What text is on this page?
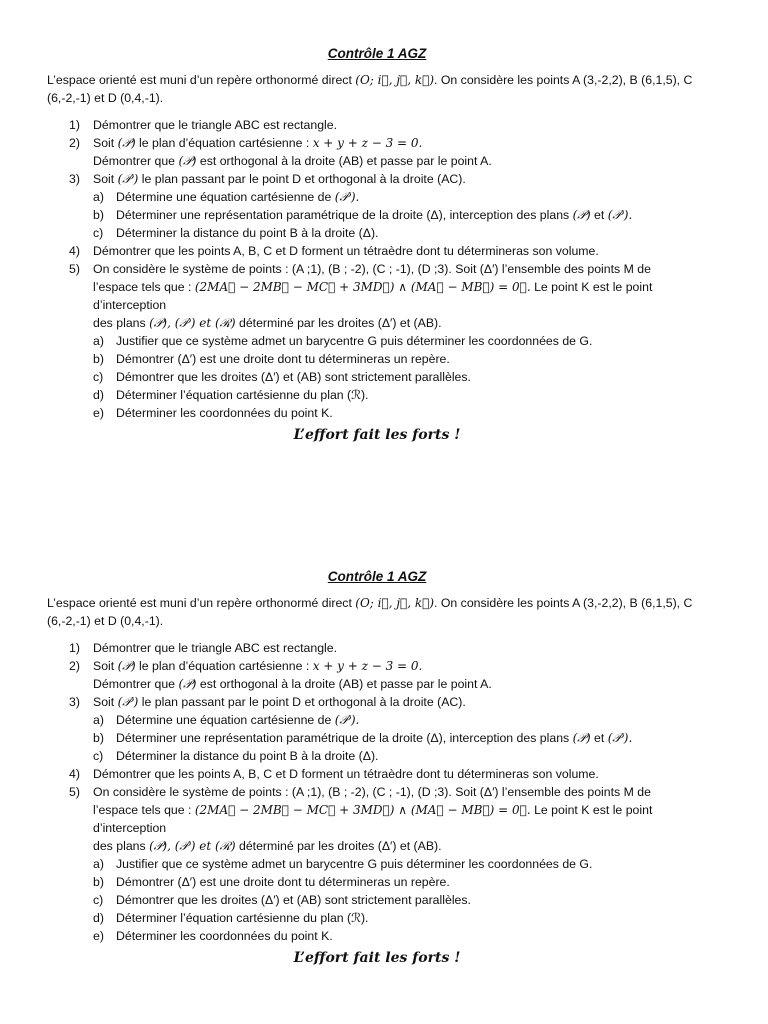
Contrôle 1 AGZ
L’espace orienté est muni d’un repère orthonormé direct (O; i⃗, j⃗, k⃗). On considère les points A (3,-2,2), B (6,1,5), C (6,-2,-1) et D (0,4,-1).
1) Démontrer que le triangle ABC est rectangle.
2) Soit (𝒫) le plan d’équation cartésienne : x + y + z − 3 = 0.
Démontrer que (𝒫) est orthogonal à la droite (AB) et passe par le point A.
3) Soit (𝒫′) le plan passant par le point D et orthogonal à la droite (AC).
a) Détermine une équation cartésienne de (𝒫′).
b) Déterminer une représentation paramétrique de la droite (Δ), interception des plans (𝒫) et (𝒫′).
c) Déterminer la distance du point B à la droite (Δ).
4) Démontrer que les points A, B, C et D forment un tétraèdre dont tu détermineras son volume.
5) On considère le système de points : (A ;1), (B ; -2), (C ; -1), (D ;3). Soit (Δ′) l’ensemble des points M de
l’espace tels que : (2MA⃗ − 2MB⃗ − MC⃗ + 3MD⃗) ∧ (MA⃗ − MB⃗) = 0⃗. Le point K est le point d’interception
des plans (𝒫), (𝒫′) et (ℛ) déterminé par les droites (Δ′) et (AB).
a) Justifier que ce système admet un barycentre G puis déterminer les coordonnées de G.
b) Démontrer (Δ′) est une droite dont tu détermineras un repère.
c) Démontrer que les droites (Δ′) et (AB) sont strictement parallèles.
d) Déterminer l’équation cartésienne du plan (ℛ).
e) Déterminer les coordonnées du point K.
L’effort fait les forts !
Contrôle 1 AGZ
L’espace orienté est muni d’un repère orthonormé direct (O; i⃗, j⃗, k⃗). On considère les points A (3,-2,2), B (6,1,5), C (6,-2,-1) et D (0,4,-1).
1) Démontrer que le triangle ABC est rectangle.
2) Soit (𝒫) le plan d’équation cartésienne : x + y + z − 3 = 0.
Démontrer que (𝒫) est orthogonal à la droite (AB) et passe par le point A.
3) Soit (𝒫′) le plan passant par le point D et orthogonal à la droite (AC).
a) Détermine une équation cartésienne de (𝒫′).
b) Déterminer une représentation paramétrique de la droite (Δ), interception des plans (𝒫) et (𝒫′).
c) Déterminer la distance du point B à la droite (Δ).
4) Démontrer que les points A, B, C et D forment un tétraèdre dont tu détermineras son volume.
5) On considère le système de points : (A ;1), (B ; -2), (C ; -1), (D ;3). Soit (Δ′) l’ensemble des points M de
l’espace tels que : (2MA⃗ − 2MB⃗ − MC⃗ + 3MD⃗) ∧ (MA⃗ − MB⃗) = 0⃗. Le point K est le point d’interception
des plans (𝒫), (𝒫′) et (ℛ) déterminé par les droites (Δ′) et (AB).
a) Justifier que ce système admet un barycentre G puis déterminer les coordonnées de G.
b) Démontrer (Δ′) est une droite dont tu détermineras un repère.
c) Démontrer que les droites (Δ′) et (AB) sont strictement parallèles.
d) Déterminer l’équation cartésienne du plan (ℛ).
e) Déterminer les coordonnées du point K.
L’effort fait les forts !
